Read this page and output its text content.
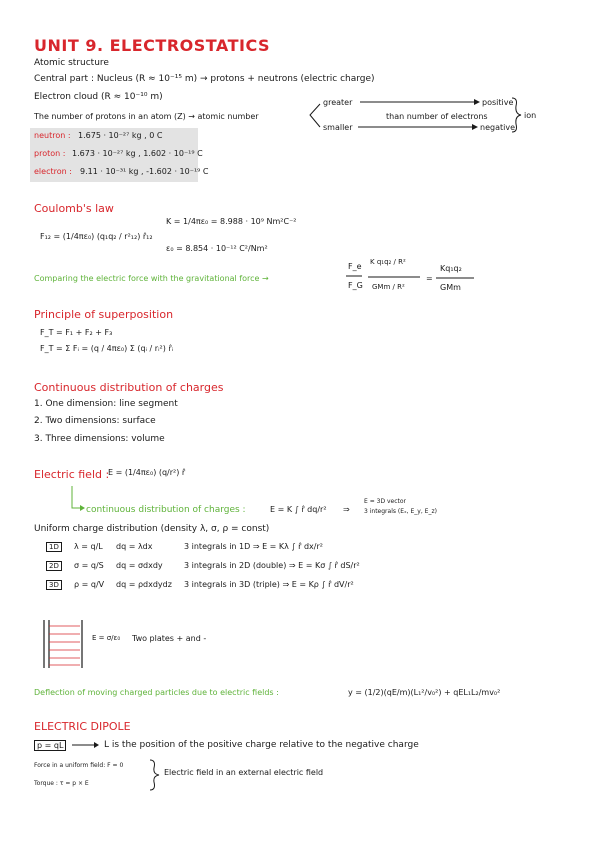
UNIT 9. ELECTROSTATICS
Atomic structure
Central part : Nucleus (R ≈ 10⁻¹⁵ m) → protons + neutrons (electric charge)
Electron cloud (R ≈ 10⁻¹⁰ m)
The number of protons in an atom (Z) → atomic number
greater
smaller
than number of electrons
positive
negative
ion
neutron : 1.675 · 10⁻²⁷ kg , 0 C
proton : 1.673 · 10⁻²⁷ kg , 1.602 · 10⁻¹⁹ C
electron : 9.11 · 10⁻³¹ kg , -1.602 · 10⁻¹⁹ C
Coulomb's law
F₁₂ = (1/4πε₀) (q₁q₂ / r²₁₂) r̂₁₂
K = 1/4πε₀ = 8.988 · 10⁹ Nm²C⁻²
ε₀ = 8.854 · 10⁻¹² C²/Nm²
Comparing the electric force with the gravitational force →
F_e
F_G
K q₁q₂ / R²
GMm / R²
Kq₁q₂
GMm
Principle of superposition
F_T = F₁ + F₂ + F₃
F_T = Σ Fᵢ = (q / 4πε₀) Σ (qᵢ / rᵢ²) r̂ᵢ
Continuous distribution of charges
1. One dimension: line segment
2. Two dimensions: surface
3. Three dimensions: volume
Electric field :
E = (1/4πε₀) (q/r²) r̂
continuous distribution of charges :	E = K ∫ r̂ dq/r² ⇒
E = 3D vector
3 integrals (Eₓ, E_y, E_z)
Uniform charge distribution (density λ, σ, ρ = const)
1D	λ = q/L dq = λdx	3 integrals in 1D ⇒ E = Kλ ∫ r̂ dx/r²
2D	σ = q/S dq = σdxdy	3 integrals in 2D (double) ⇒ E = Kσ ∫ r̂ dS/r²
3D	ρ = q/V dq = ρdxdydz 3 integrals in 3D (triple) ⇒ E = Kρ ∫ r̂ dV/r²
E = σ/ε₀ Two plates + and -
Deflection of moving charged particles due to electric fields :	y = (1/2)(qE/m)(L₁²/v₀²) + qEL₁L₂/mv₀²
ELECTRIC DIPOLE
p = qL	L is the position of the positive charge relative to the negative charge
Force in a uniform field: F = 0
Torque : τ = p × E
Electric field in an external electric field
=
